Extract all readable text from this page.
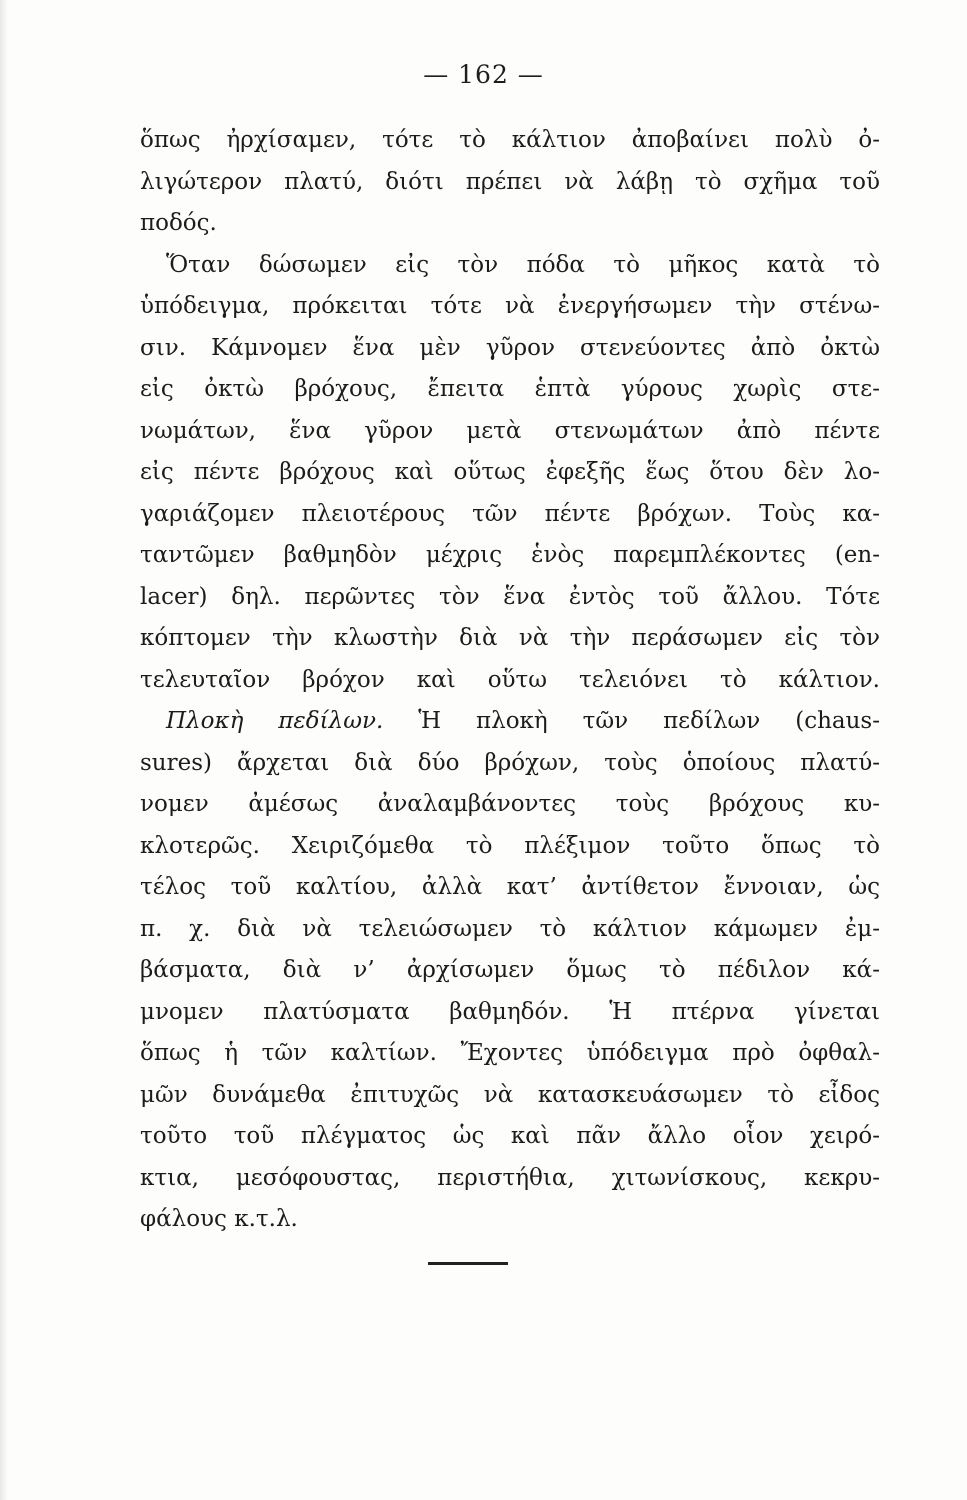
— 162 —
ὅπως ἠρχίσαμεν, τότε τὸ κάλτιον ἀποβαίνει πολὺ ὀ-
λιγώτερον πλατύ, διότι πρέπει νὰ λάβῃ τὸ σχῆμα τοῦ
ποδός.
Ὅταν δώσωμεν εἰς τὸν πόδα τὸ μῆκος κατὰ τὸ
ὑπόδειγμα, πρόκειται τότε νὰ ἐνεργήσωμεν τὴν στένω-
σιν. Κάμνομεν ἕνα μὲν γῦρον στενεύοντες ἀπὸ ὀκτὼ
εἰς ὀκτὼ βρόχους, ἔπειτα ἑπτὰ γύρους χωρὶς στε-
νωμάτων, ἕνα γῦρον μετὰ στενωμάτων ἀπὸ πέντε
εἰς πέντε βρόχους καὶ οὕτως ἐφεξῆς ἕως ὅτου δὲν λο-
γαριάζομεν πλειοτέρους τῶν πέντε βρόχων. Τοὺς κα-
ταντῶμεν βαθμηδὸν μέχρις ἑνὸς παρεμπλέκοντες (en-
lacer) δηλ. περῶντες τὸν ἕνα ἐντὸς τοῦ ἄλλου. Τότε
κόπτομεν τὴν κλωστὴν διὰ νὰ τὴν περάσωμεν εἰς τὸν
τελευταῖον βρόχον καὶ οὕτω τελειόνει τὸ κάλτιον.
Πλοκὴ πεδίλων. Ἡ πλοκὴ τῶν πεδίλων (chaus-
sures) ἄρχεται διὰ δύο βρόχων, τοὺς ὁποίους πλατύ-
νομεν ἀμέσως ἀναλαμβάνοντες τοὺς βρόχους κυ-
κλοτερῶς. Χειριζόμεθα τὸ πλέξιμον τοῦτο ὅπως τὸ
τέλος τοῦ καλτίου, ἀλλὰ κατ’ ἀντίθετον ἔννοιαν, ὡς
π. χ. διὰ νὰ τελειώσωμεν τὸ κάλτιον κάμωμεν ἐμ-
βάσματα, διὰ ν’ ἀρχίσωμεν ὅμως τὸ πέδιλον κά-
μνομεν πλατύσματα βαθμηδόν. Ἡ πτέρνα γίνεται
ὅπως ἡ τῶν καλτίων. Ἔχοντες ὑπόδειγμα πρὸ ὀφθαλ-
μῶν δυνάμεθα ἐπιτυχῶς νὰ κατασκευάσωμεν τὸ εἶδος
τοῦτο τοῦ πλέγματος ὡς καὶ πᾶν ἄλλο οἷον χειρό-
κτια, μεσόφουστας, περιστήθια, χιτωνίσκους, κεκρυ-
φάλους κ.τ.λ.
